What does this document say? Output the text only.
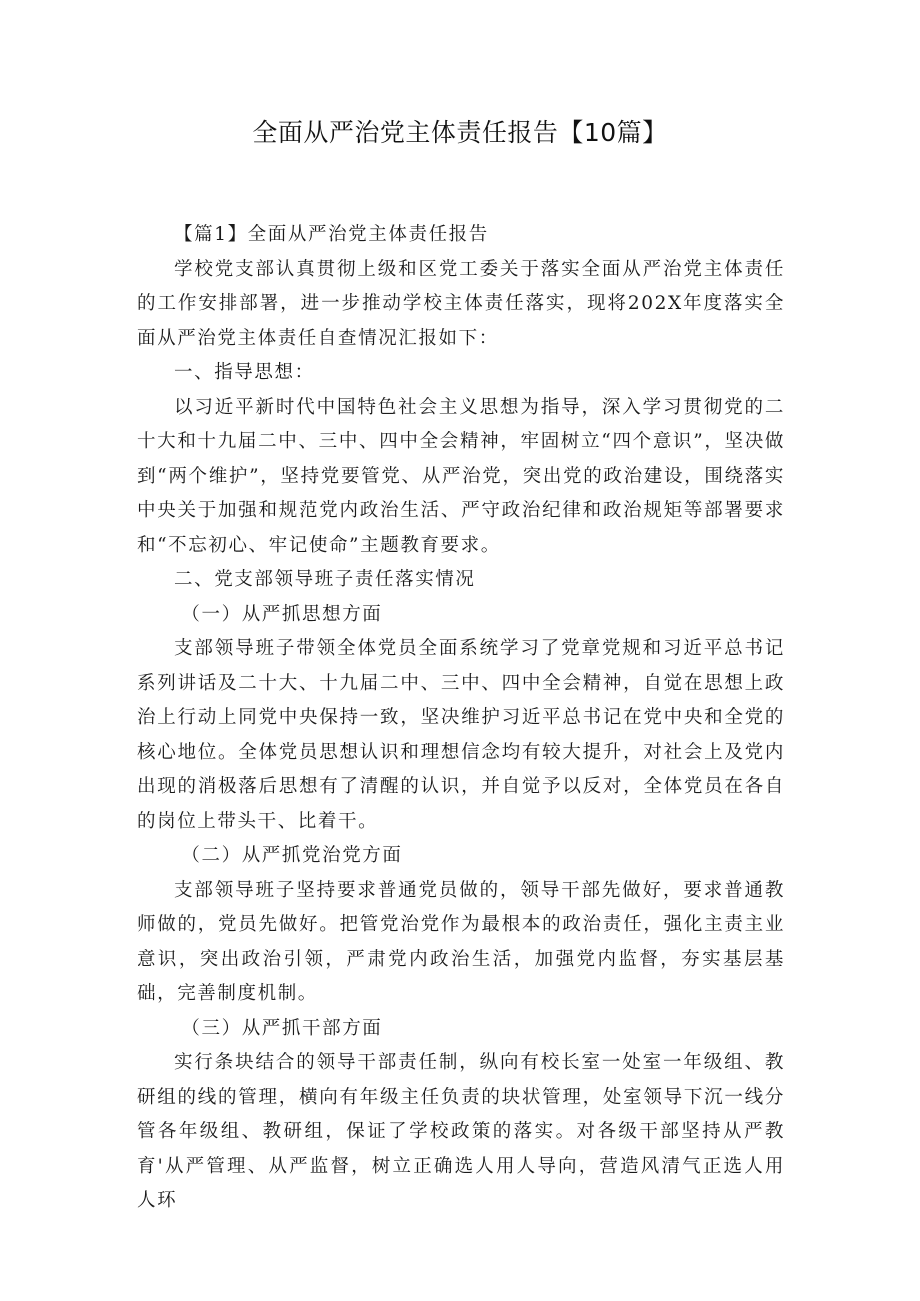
全面从严治党主体责任报告【10篇】

【篇1】全面从严治党主体责任报告

学校党支部认真贯彻上级和区党工委关于落实全面从严治党主体责任的工作安排部署，进一步推动学校主体责任落实，现将202X年度落实全面从严治党主体责任自查情况汇报如下：

一、指导思想：

以习近平新时代中国特色社会主义思想为指导，深入学习贯彻党的二十大和十九届二中、三中、四中全会精神，牢固树立“四个意识”，坚决做到“两个维护”，坚持党要管党、从严治党，突出党的政治建设，围绕落实中央关于加强和规范党内政治生活、严守政治纪律和政治规矩等部署要求和“不忘初心、牢记使命”主题教育要求。

二、党支部领导班子责任落实情况

（一）从严抓思想方面

支部领导班子带领全体党员全面系统学习了党章党规和习近平总书记系列讲话及二十大、十九届二中、三中、四中全会精神，自觉在思想上政治上行动上同党中央保持一致，坚决维护习近平总书记在党中央和全党的核心地位。全体党员思想认识和理想信念均有较大提升，对社会上及党内出现的消极落后思想有了清醒的认识，并自觉予以反对，全体党员在各自的岗位上带头干、比着干。

（二）从严抓党治党方面

支部领导班子坚持要求普通党员做的，领导干部先做好，要求普通教师做的，党员先做好。把管党治党作为最根本的政治责任，强化主责主业意识，突出政治引领，严肃党内政治生活，加强党内监督，夯实基层基础，完善制度机制。

（三）从严抓干部方面

实行条块结合的领导干部责任制，纵向有校长室一处室一年级组、教研组的线的管理，横向有年级主任负责的块状管理，处室领导下沉一线分管各年级组、教研组，保证了学校政策的落实。对各级干部坚持从严教育'从严管理、从严监督，树立正确选人用人导向，营造风清气正选人用人环
